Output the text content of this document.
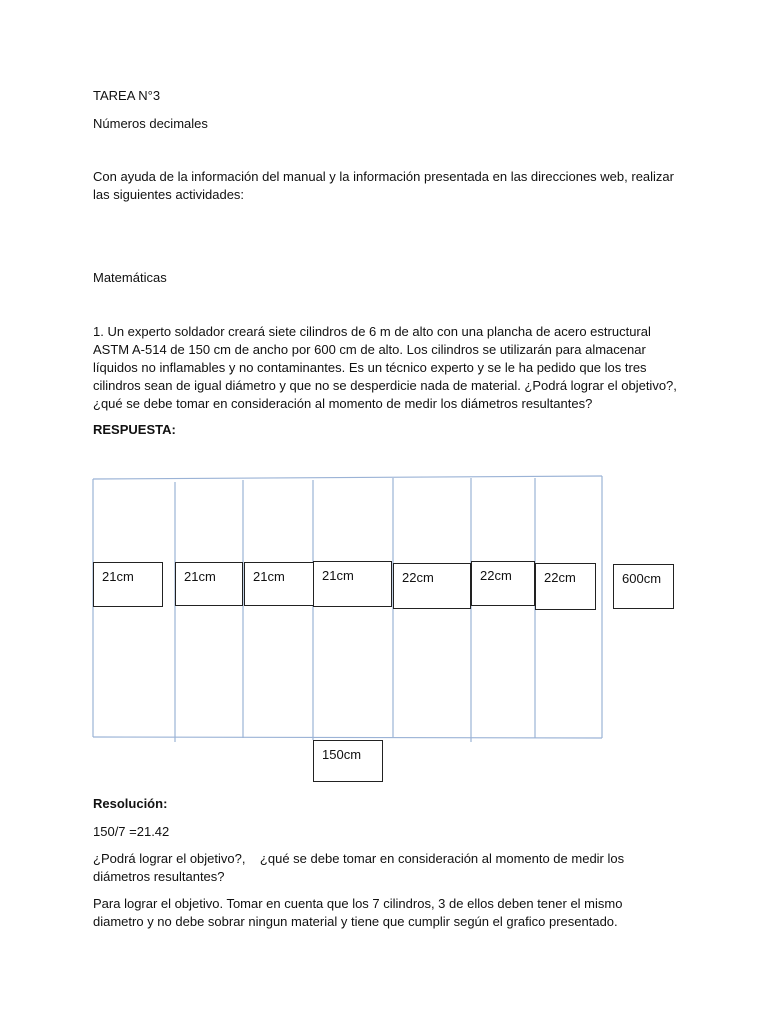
TAREA N°3
Números decimales
Con ayuda de la información del manual y la información presentada en las direcciones web, realizar
las siguientes actividades:
Matemáticas
1. Un experto soldador creará siete cilindros de 6 m de alto con una plancha de acero estructural
ASTM A-514 de 150 cm de ancho por 600 cm de alto. Los cilindros se utilizarán para almacenar
líquidos no inflamables y no contaminantes. Es un técnico experto y se le ha pedido que los tres
cilindros sean de igual diámetro y que no se desperdicie nada de material. ¿Podrá lograr el objetivo?,
¿qué se debe tomar en consideración al momento de medir los diámetros resultantes?
RESPUESTA:
21cm	21cm	21cm	21cm	22cm	22cm	22cm	600cm
150cm
Resolución:
150/7 =21.42
¿Podrá lograr el objetivo?,    ¿qué se debe tomar en consideración al momento de medir los
diámetros resultantes?
Para lograr el objetivo. Tomar en cuenta que los 7 cilindros, 3 de ellos deben tener el mismo
diametro y no debe sobrar ningun material y tiene que cumplir según el grafico presentado.
